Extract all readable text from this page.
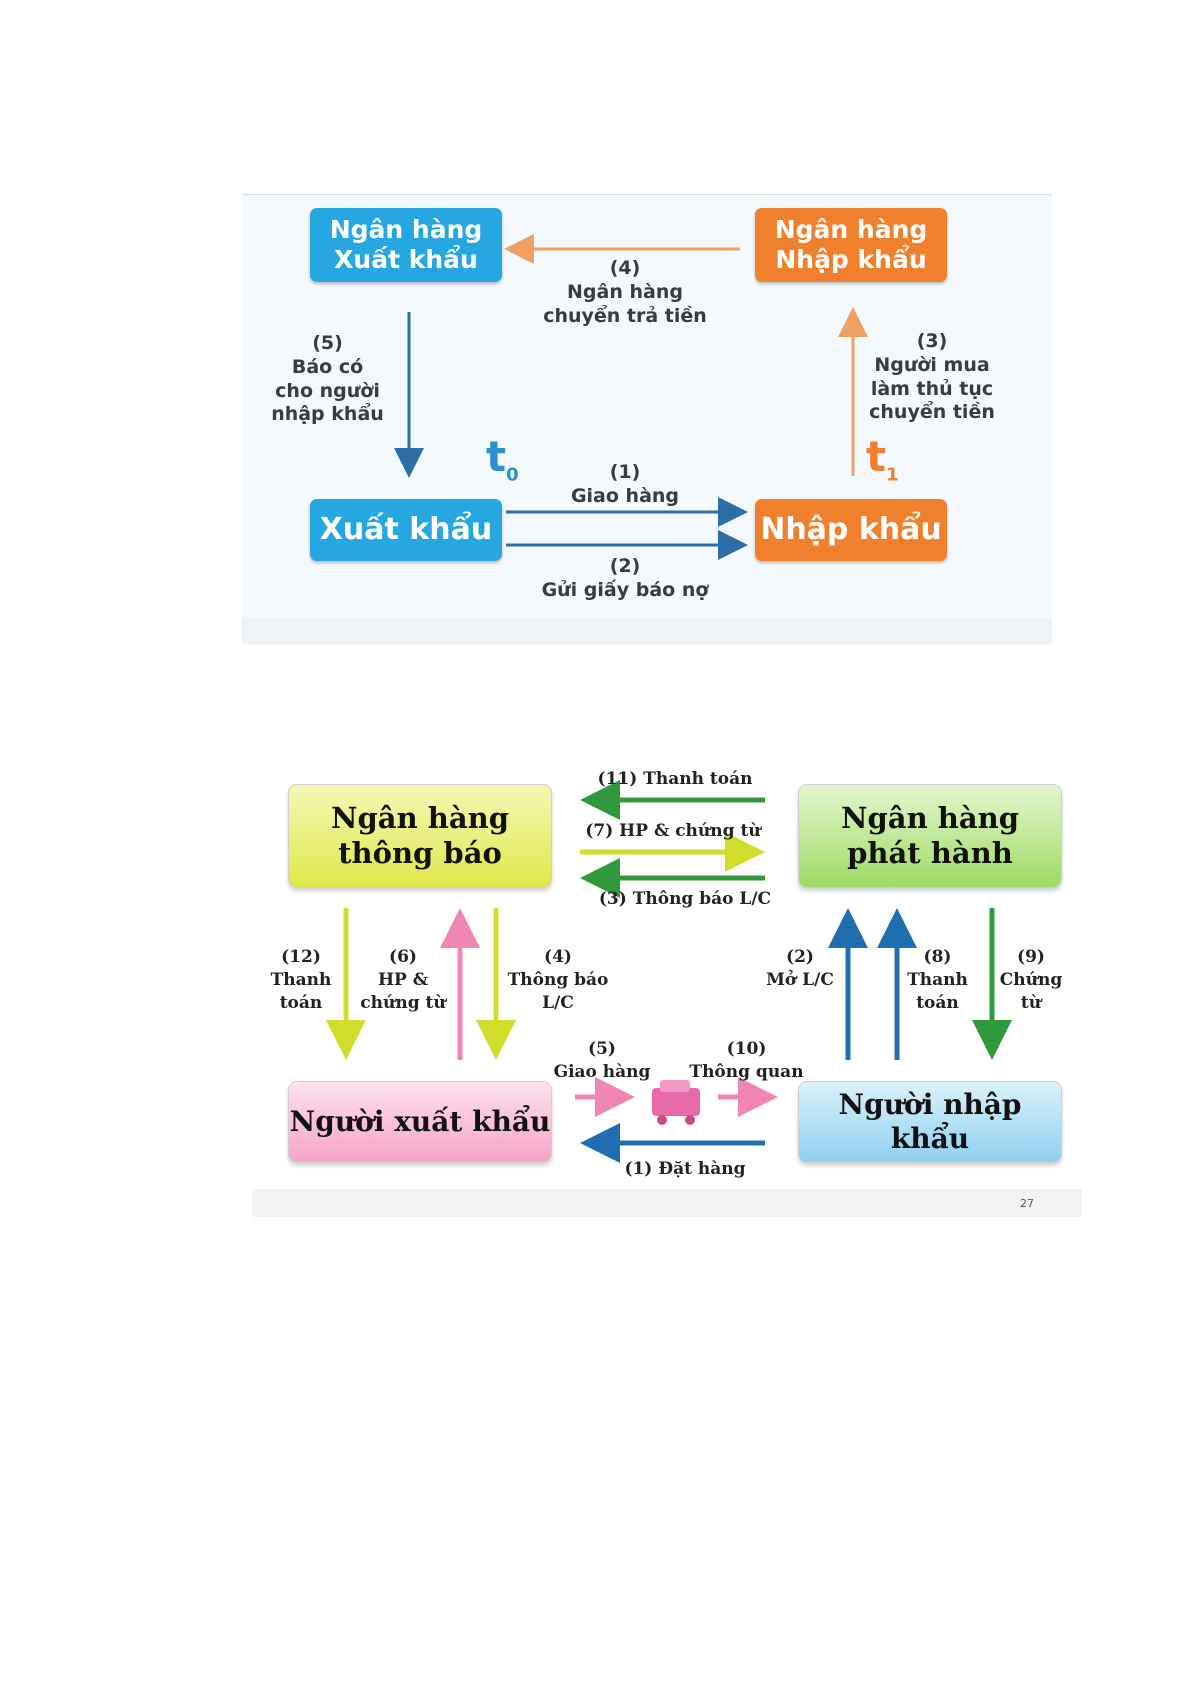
Ngân hàng
Xuất khẩu
Ngân hàng
Nhập khẩu
Xuất khẩu	Nhập khẩu
(4)
Ngân hàng
chuyển trả tiền
(5)
Báo có
cho người
nhập khẩu
(3)
Người mua
làm thủ tục
chuyển tiền
(1)
Giao hàng
(2)
Gửi giấy báo nợ
$t_0$	$t_1$
Ngân hàng
thông báo
Ngân hàng
phát hành
Người xuất khẩu
Người nhập khẩu
(11) Thanh toán
(7) HP & chứng từ
(3) Thông báo L/C
(12)
Thanh
toán
(6)
HP &
chứng từ
(4)
Thông báo
L/C
(2)
Mở L/C
(8)
Thanh
toán
(9)
Chứng
từ
(5)
Giao hàng
(10)
Thông quan
(1) Đặt hàng
27
